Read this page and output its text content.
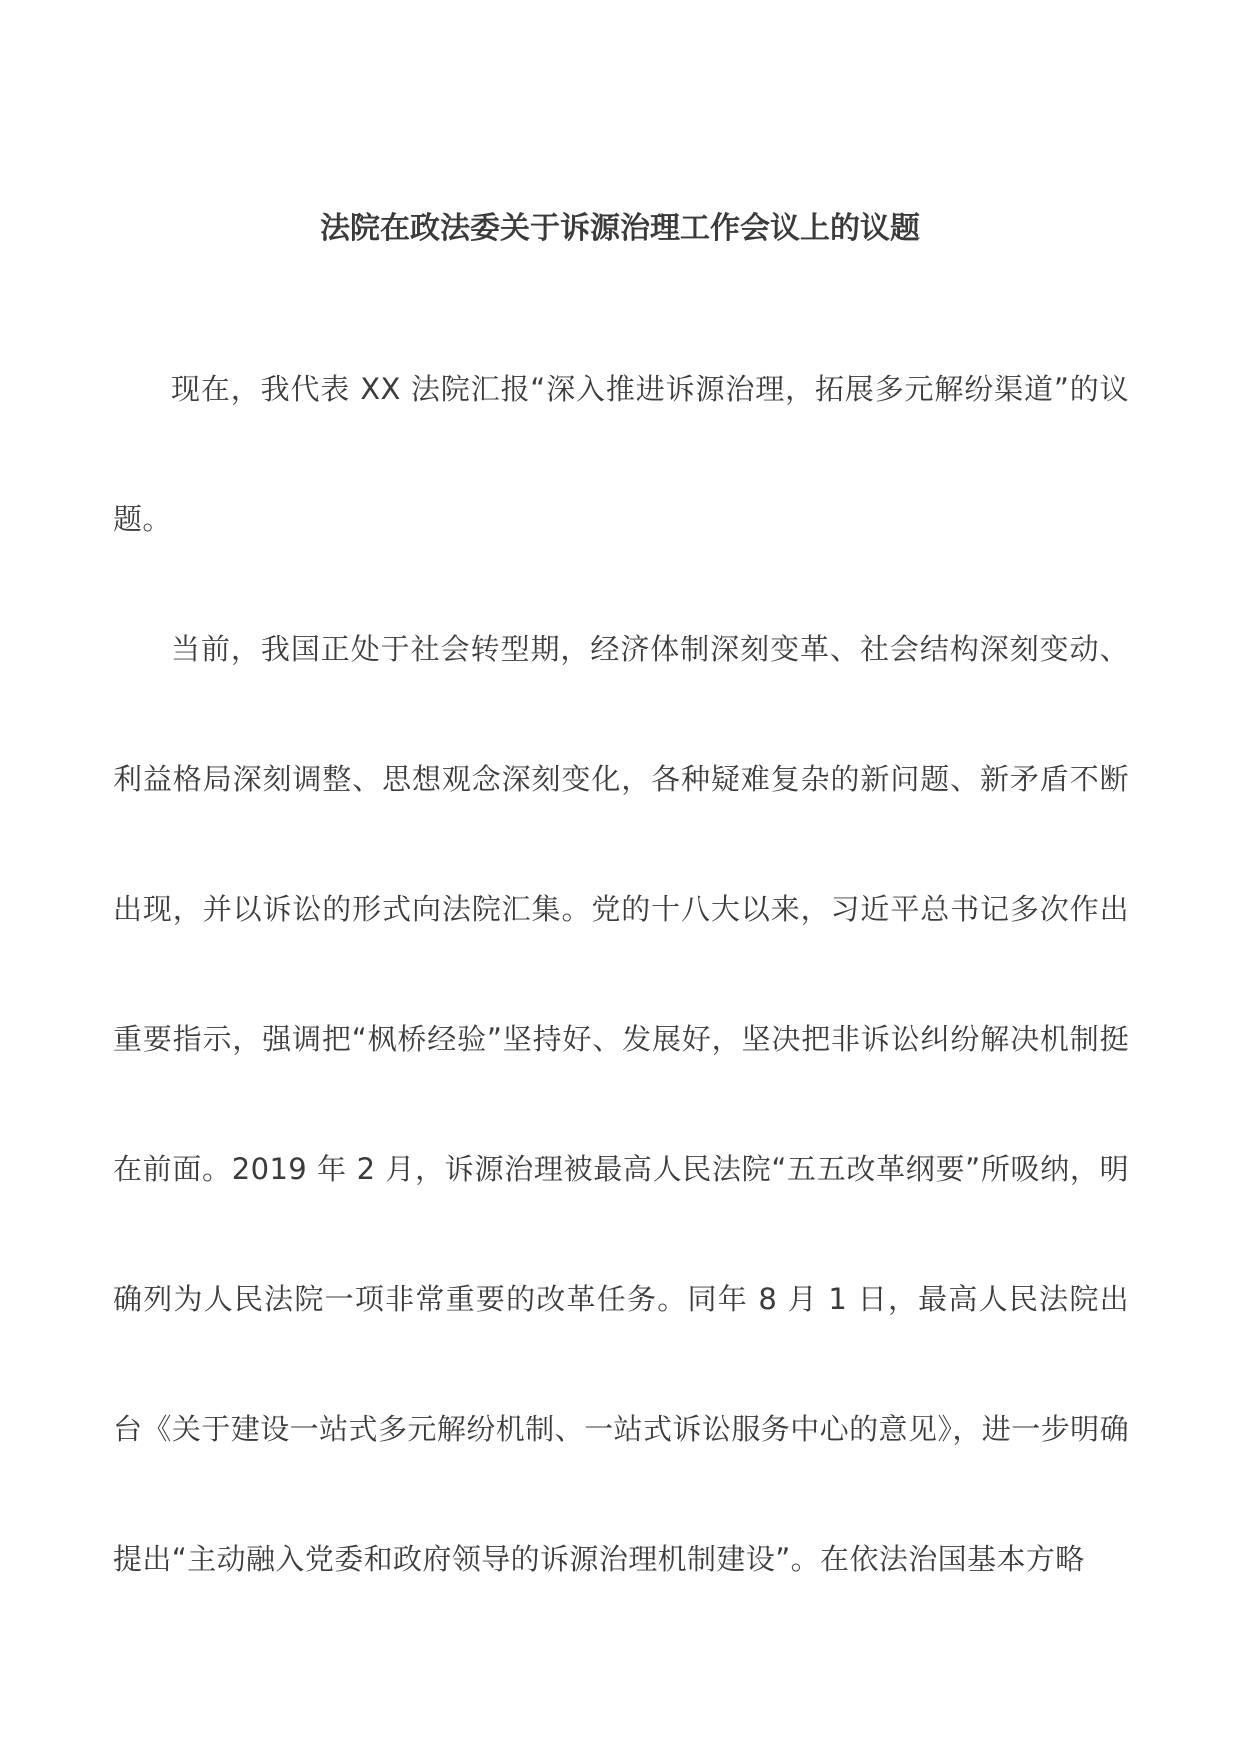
法院在政法委关于诉源治理工作会议上的议题

现在，我代表 XX 法院汇报“深入推进诉源治理，拓展多元解纷渠道”的议题。

当前，我国正处于社会转型期，经济体制深刻变革、社会结构深刻变动、利益格局深刻调整、思想观念深刻变化，各种疑难复杂的新问题、新矛盾不断出现，并以诉讼的形式向法院汇集。党的十八大以来，习近平总书记多次作出重要指示，强调把“枫桥经验”坚持好、发展好，坚决把非诉讼纠纷解决机制挺在前面。2019 年 2 月，诉源治理被最高人民法院“五五改革纲要”所吸纳，明确列为人民法院一项非常重要的改革任务。同年 8 月 1 日，最高人民法院出台《关于建设一站式多元解纷机制、一站式诉讼服务中心的意见》，进一步明确提出“主动融入党委和政府领导的诉源治理机制建设”。在依法治国基本方略
